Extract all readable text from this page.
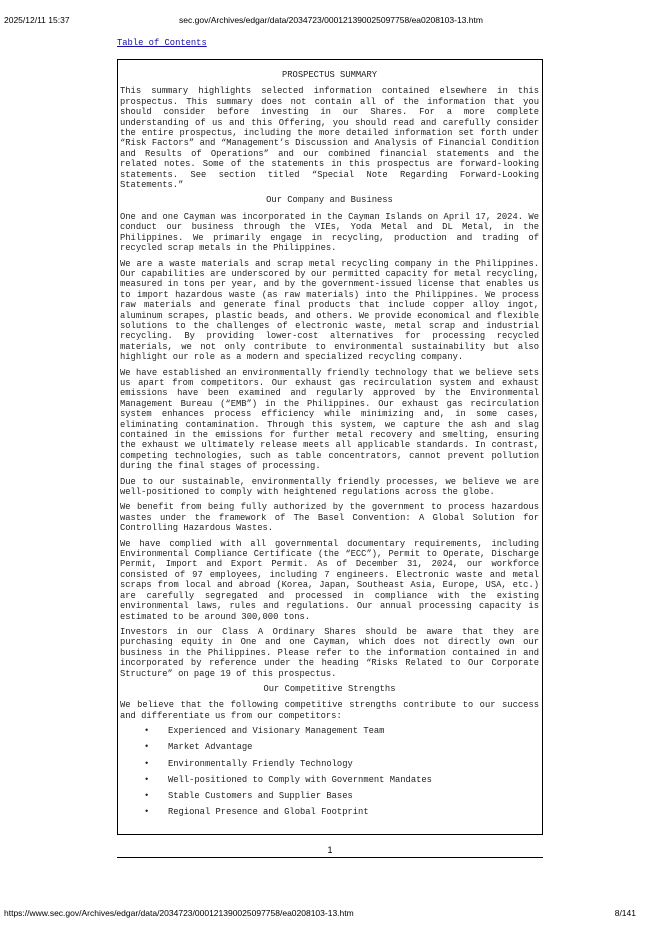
2025/12/11 15:37	sec.gov/Archives/edgar/data/2034723/000121390025097758/ea0208103-13.htm
Table of Contents
PROSPECTUS SUMMARY

This summary highlights selected information contained elsewhere in this prospectus. This summary does not contain all of the information that you should consider before investing in our Shares. For a more complete understanding of us and this Offering, you should read and carefully consider the entire prospectus, including the more detailed information set forth under “Risk Factors” and “Management’s Discussion and Analysis of Financial Condition and Results of Operations” and our combined financial statements and the related notes. Some of the statements in this prospectus are forward-looking statements. See section titled “Special Note Regarding Forward-Looking Statements.”

Our Company and Business

One and one Cayman was incorporated in the Cayman Islands on April 17, 2024. We conduct our business through the VIEs, Yoda Metal and DL Metal, in the Philippines. We primarily engage in recycling, production and trading of recycled scrap metals in the Philippines.

We are a waste materials and scrap metal recycling company in the Philippines. Our capabilities are underscored by our permitted capacity for metal recycling, measured in tons per year, and by the government-issued license that enables us to import hazardous waste (as raw materials) into the Philippines. We process raw materials and generate final products that include copper alloy ingot, aluminum scrapes, plastic beads, and others. We provide economical and flexible solutions to the challenges of electronic waste, metal scrap and industrial recycling. By providing lower-cost alternatives for processing recycled materials, we not only contribute to environmental sustainability but also highlight our role as a modern and specialized recycling company.

We have established an environmentally friendly technology that we believe sets us apart from competitors. Our exhaust gas recirculation system and exhaust emissions have been examined and regularly approved by the Environmental Management Bureau (“EMB”) in the Philippines. Our exhaust gas recirculation system enhances process efficiency while minimizing and, in some cases, eliminating contamination. Through this system, we capture the ash and slag contained in the emissions for further metal recovery and smelting, ensuring the exhaust we ultimately release meets all applicable standards. In contrast, competing technologies, such as table concentrators, cannot prevent pollution during the final stages of processing.

Due to our sustainable, environmentally friendly processes, we believe we are well-positioned to comply with heightened regulations across the globe.

We benefit from being fully authorized by the government to process hazardous wastes under the framework of The Basel Convention: A Global Solution for Controlling Hazardous Wastes.

We have complied with all governmental documentary requirements, including Environmental Compliance Certificate (the “ECC”), Permit to Operate, Discharge Permit, Import and Export Permit. As of December 31, 2024, our workforce consisted of 97 employees, including 7 engineers. Electronic waste and metal scraps from local and abroad (Korea, Japan, Southeast Asia, Europe, USA, etc.) are carefully segregated and processed in compliance with the existing environmental laws, rules and regulations. Our annual processing capacity is estimated to be around 300,000 tons.

Investors in our Class A Ordinary Shares should be aware that they are purchasing equity in One and one Cayman, which does not directly own our business in the Philippines. Please refer to the information contained in and incorporated by reference under the heading “Risks Related to Our Corporate Structure” on page 19 of this prospectus.

Our Competitive Strengths

We believe that the following competitive strengths contribute to our success and differentiate us from our competitors:

• Experienced and Visionary Management Team
• Market Advantage
• Environmentally Friendly Technology
• Well-positioned to Comply with Government Mandates
• Stable Customers and Supplier Bases
• Regional Presence and Global Footprint
1
https://www.sec.gov/Archives/edgar/data/2034723/000121390025097758/ea0208103-13.htm	8/141
